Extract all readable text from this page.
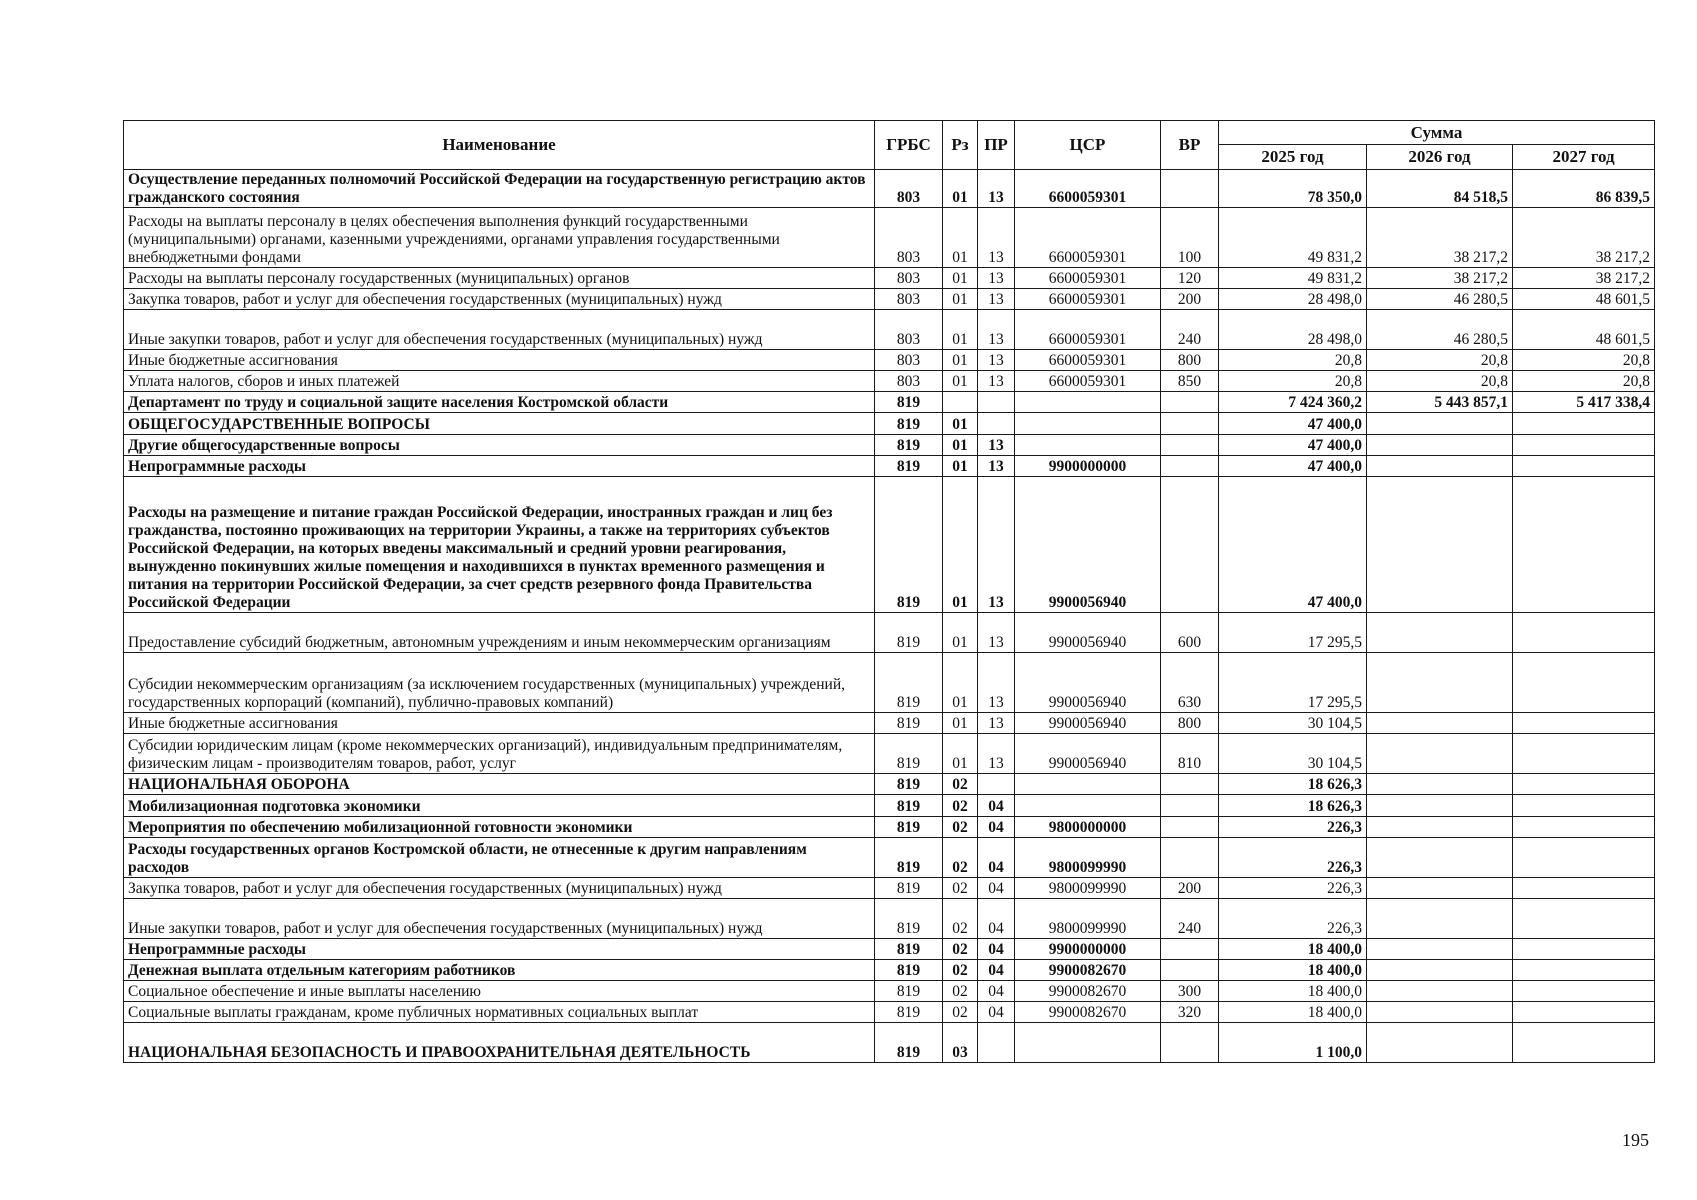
Наименование	ГРБС	Рз	ПР	ЦСР	ВР	Сумма		
						2025 год	2026 год	2027 год
Осуществление переданных полномочий Российской Федерации на государственную регистрацию актов гражданского состояния	803	01	13	6600059301		78 350,0	84 518,5	86 839,5
Расходы на выплаты персоналу в целях обеспечения выполнения функций государственными (муниципальными) органами, казенными учреждениями, органами управления государственными внебюджетными фондами	803	01	13	6600059301	100	49 831,2	38 217,2	38 217,2
Расходы на выплаты персоналу государственных (муниципальных) органов	803	01	13	6600059301	120	49 831,2	38 217,2	38 217,2
Закупка товаров, работ и услуг для обеспечения государственных (муниципальных) нужд	803	01	13	6600059301	200	28 498,0	46 280,5	48 601,5
Иные закупки товаров, работ и услуг для обеспечения государственных (муниципальных) нужд	803	01	13	6600059301	240	28 498,0	46 280,5	48 601,5
Иные бюджетные ассигнования	803	01	13	6600059301	800	20,8	20,8	20,8
Уплата налогов, сборов и иных платежей	803	01	13	6600059301	850	20,8	20,8	20,8
Департамент по труду и социальной защите населения Костромской области	819					7 424 360,2	5 443 857,1	5 417 338,4
ОБЩЕГОСУДАРСТВЕННЫЕ ВОПРОСЫ	819	01				47 400,0		
Другие общегосударственные вопросы	819	01	13			47 400,0		
Непрограммные расходы	819	01	13	9900000000		47 400,0		
Расходы на размещение и питание граждан Российской Федерации, иностранных граждан и лиц без гражданства, постоянно проживающих на территории Украины, а также на территориях субъектов Российской Федерации, на которых введены максимальный и средний уровни реагирования, вынужденно покинувших жилые помещения и находившихся в пунктах временного размещения и питания на территории Российской Федерации, за счет средств резервного фонда Правительства Российской Федерации	819	01	13	9900056940		47 400,0		
Предоставление субсидий бюджетным, автономным учреждениям и иным некоммерческим организациям	819	01	13	9900056940	600	17 295,5		
Субсидии некоммерческим организациям (за исключением государственных (муниципальных) учреждений, государственных корпораций (компаний), публично-правовых компаний)	819	01	13	9900056940	630	17 295,5		
Иные бюджетные ассигнования	819	01	13	9900056940	800	30 104,5		
Субсидии юридическим лицам (кроме некоммерческих организаций), индивидуальным предпринимателям, физическим лицам - производителям товаров, работ, услуг	819	01	13	9900056940	810	30 104,5		
НАЦИОНАЛЬНАЯ ОБОРОНА	819	02				18 626,3		
Мобилизационная подготовка экономики	819	02	04			18 626,3		
Мероприятия по обеспечению мобилизационной готовности экономики	819	02	04	9800000000		226,3		
Расходы государственных органов Костромской области, не отнесенные к другим направлениям расходов	819	02	04	9800099990		226,3		
Закупка товаров, работ и услуг для обеспечения государственных (муниципальных) нужд	819	02	04	9800099990	200	226,3		
Иные закупки товаров, работ и услуг для обеспечения государственных (муниципальных) нужд	819	02	04	9800099990	240	226,3		
Непрограммные расходы	819	02	04	9900000000		18 400,0		
Денежная выплата отдельным категориям работников	819	02	04	9900082670		18 400,0		
Социальное обеспечение и иные выплаты населению	819	02	04	9900082670	300	18 400,0		
Социальные выплаты гражданам, кроме публичных нормативных социальных выплат	819	02	04	9900082670	320	18 400,0		
НАЦИОНАЛЬНАЯ БЕЗОПАСНОСТЬ И ПРАВООХРАНИТЕЛЬНАЯ ДЕЯТЕЛЬНОСТЬ	819	03				1 100,0		
195
